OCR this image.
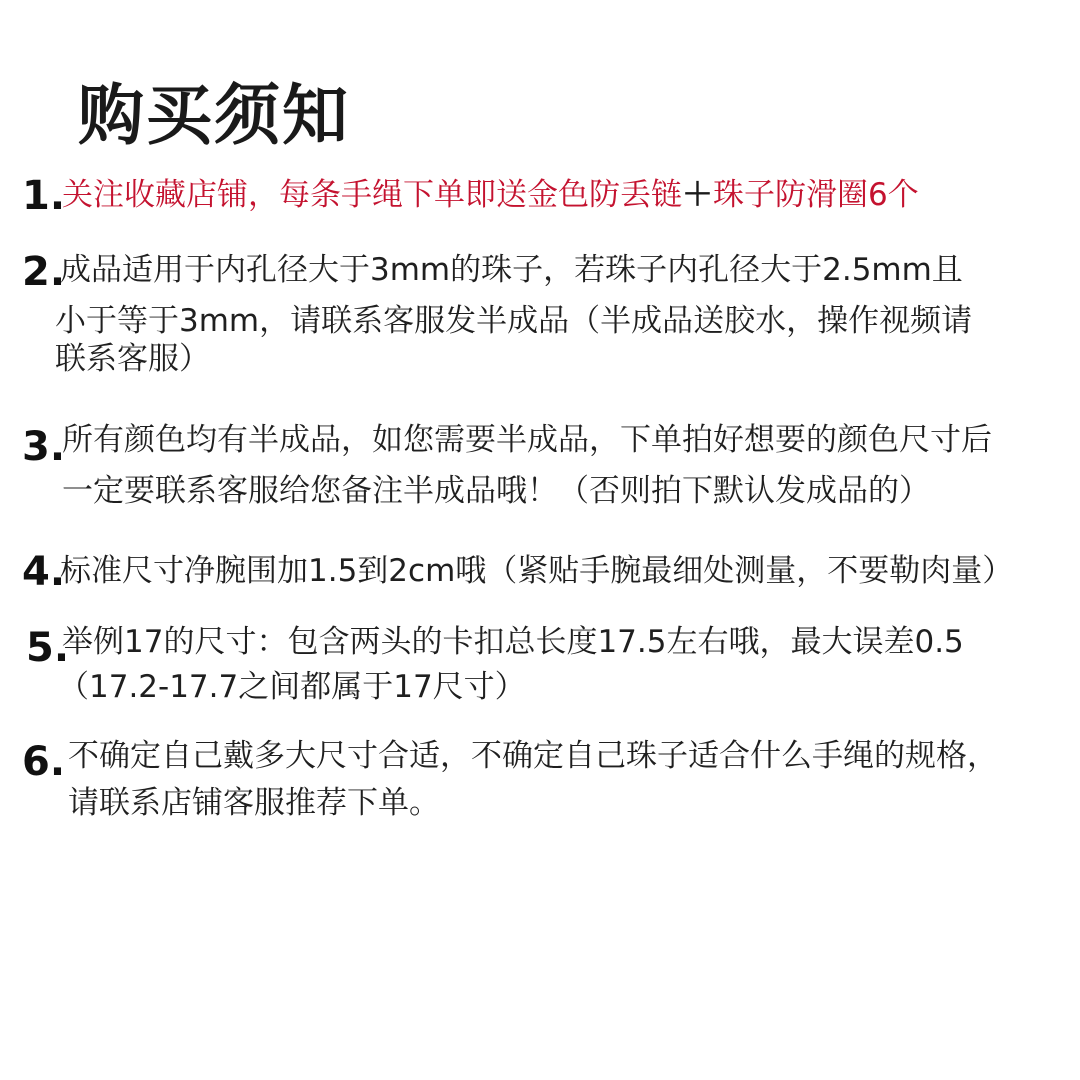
购买须知
1.
关注收藏店铺，每条手绳下单即送金色防丢链＋珠子防滑圈6个
2.
成品适用于内孔径大于3mm的珠子，若珠子内孔径大于2.5mm且
小于等于3mm，请联系客服发半成品（半成品送胶水，操作视频请
联系客服）
3.
所有颜色均有半成品，如您需要半成品，下单拍好想要的颜色尺寸后
一定要联系客服给您备注半成品哦！（否则拍下默认发成品的）
4.
标准尺寸净腕围加1.5到2cm哦（紧贴手腕最细处测量，不要勒肉量）
5.
举例17的尺寸：包含两头的卡扣总长度17.5左右哦，最大误差0.5
（17.2-17.7之间都属于17尺寸）
6. 不确定自己戴多大尺寸合适，不确定自己珠子适合什么手绳的规格，
请联系店铺客服推荐下单。
